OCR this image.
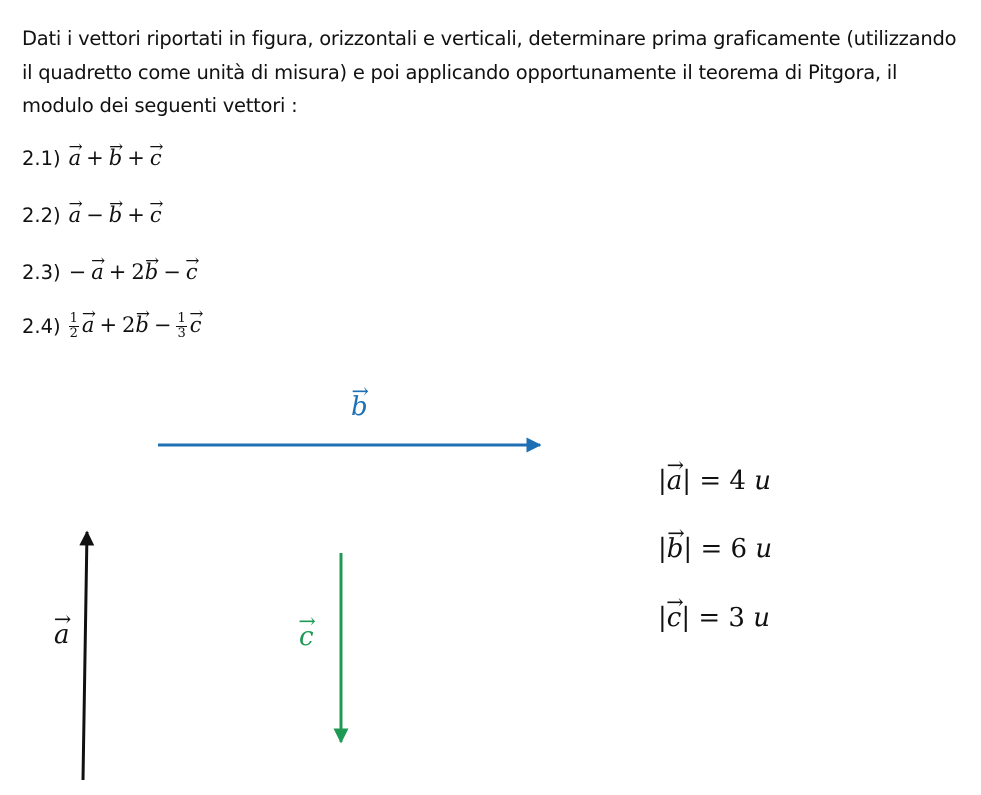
Dati i vettori riportati in figura, orizzontali e verticali, determinare prima graficamente (utilizzando il quadretto come unità di misura) e poi applicando opportunamente il teorema di Pitgora, il modulo dei seguenti vettori :

2.1)
→ a +→ b +→ c
2.2)
→ a −→ b +→ c
2.3) −→ a + 2→ b −→ c
$2.4) \frac{1}{2}$
→ $a + 2\to b - \frac{1}{3}$
→ c
→ b
→ a
→	c
|→ a| = 4 u
|→ b| = 6 u
|→ c| = 3 u
